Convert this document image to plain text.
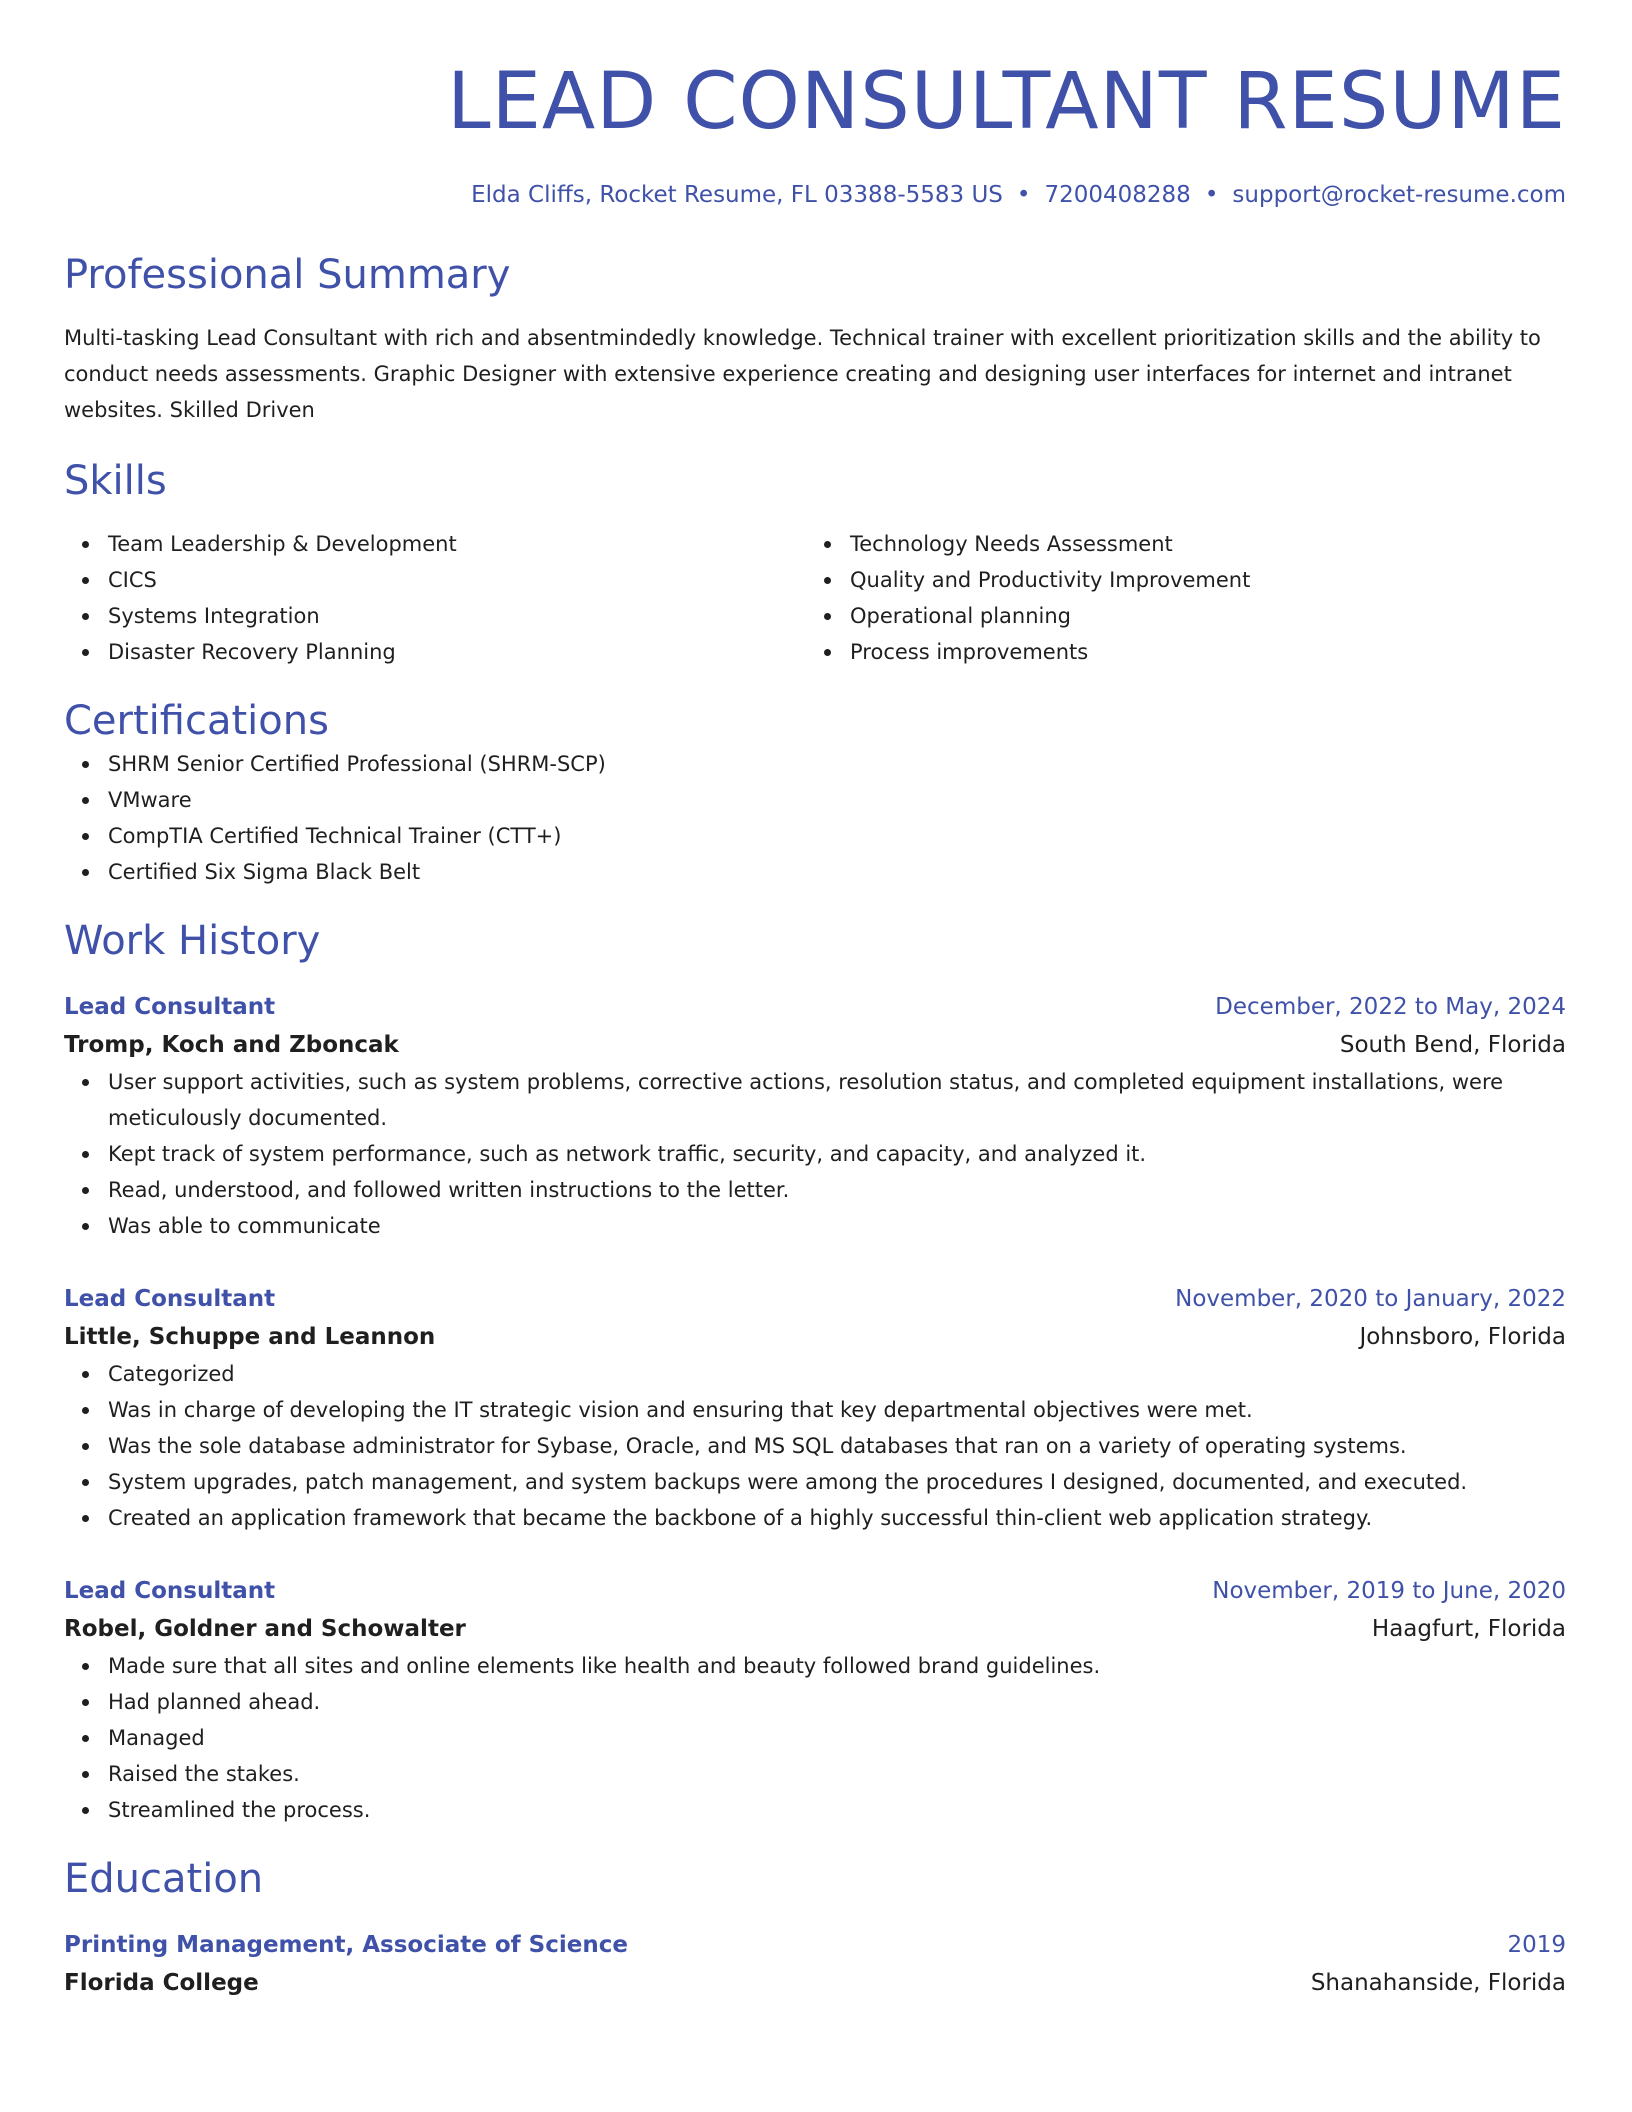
LEAD CONSULTANT RESUME
Elda Cliffs, Rocket Resume, FL 03388-5583 US • 7200408288 • support@rocket-resume.com
Professional Summary
Multi-tasking Lead Consultant with rich and absentmindedly knowledge. Technical trainer with excellent prioritization skills and the ability to conduct needs assessments. Graphic Designer with extensive experience creating and designing user interfaces for internet and intranet websites. Skilled Driven
Skills
Team Leadership & Development
CICS
Systems Integration
Disaster Recovery Planning
Technology Needs Assessment
Quality and Productivity Improvement
Operational planning
Process improvements
Certifications
SHRM Senior Certified Professional (SHRM-SCP)
VMware
CompTIA Certified Technical Trainer (CTT+)
Certified Six Sigma Black Belt
Work History
Lead Consultant	December, 2022 to May, 2024
Tromp, Koch and Zboncak	South Bend, Florida
User support activities, such as system problems, corrective actions, resolution status, and completed equipment installations, were meticulously documented.
Kept track of system performance, such as network traffic, security, and capacity, and analyzed it.
Read, understood, and followed written instructions to the letter.
Was able to communicate
Lead Consultant	November, 2020 to January, 2022
Little, Schuppe and Leannon	Johnsboro, Florida
Categorized
Was in charge of developing the IT strategic vision and ensuring that key departmental objectives were met.
Was the sole database administrator for Sybase, Oracle, and MS SQL databases that ran on a variety of operating systems.
System upgrades, patch management, and system backups were among the procedures I designed, documented, and executed.
Created an application framework that became the backbone of a highly successful thin-client web application strategy.
Lead Consultant	November, 2019 to June, 2020
Robel, Goldner and Schowalter	Haagfurt, Florida
Made sure that all sites and online elements like health and beauty followed brand guidelines.
Had planned ahead.
Managed
Raised the stakes.
Streamlined the process.
Education
Printing Management, Associate of Science	2019
Florida College	Shanahanside, Florida
